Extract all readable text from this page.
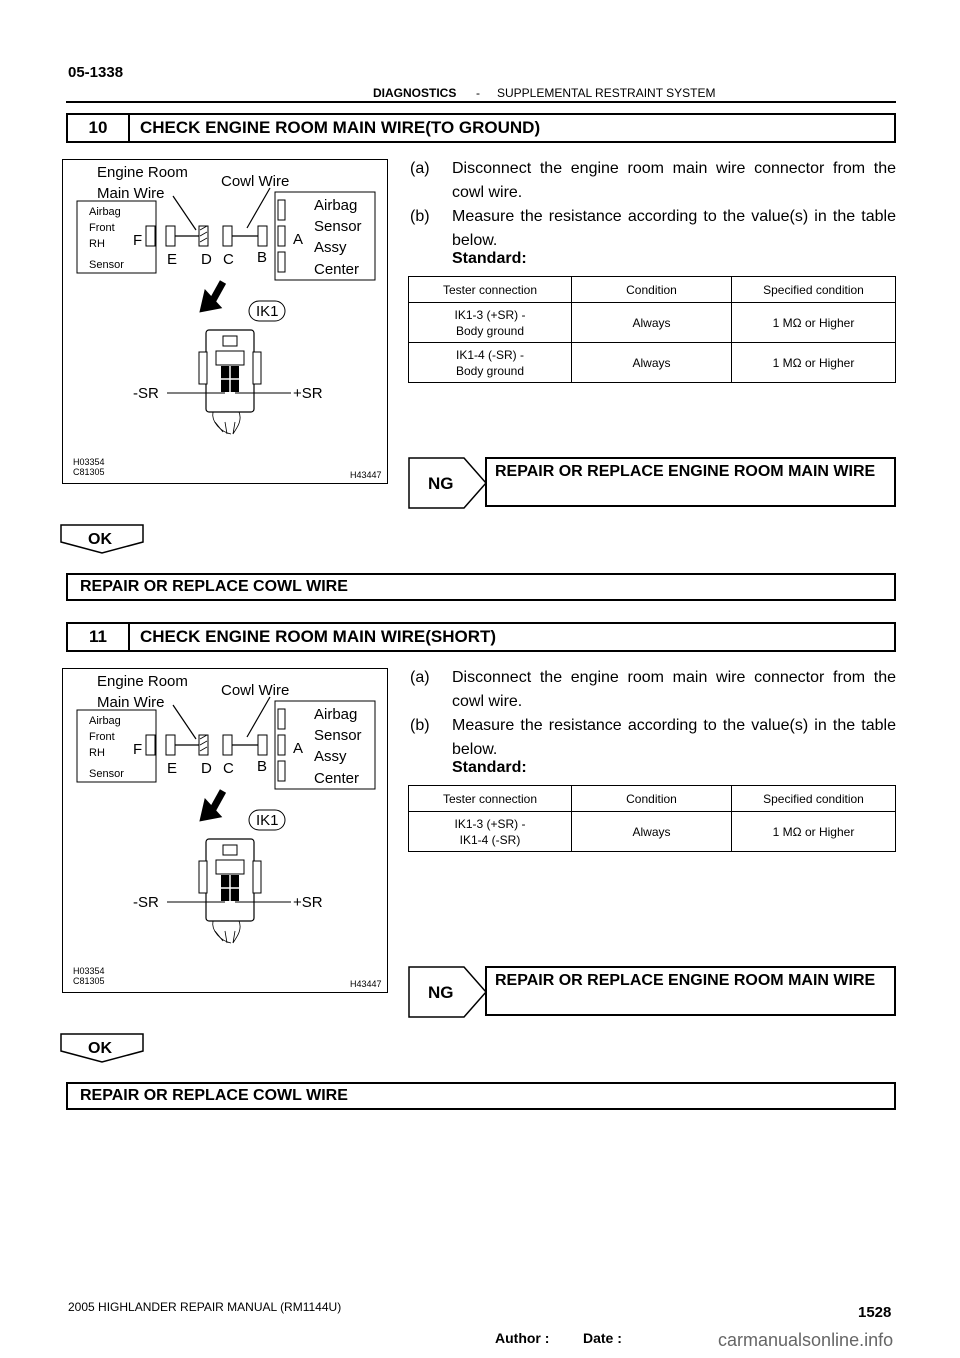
05-1338
DIAGNOSTICS - SUPPLEMENTAL RESTRAINT SYSTEM
10	CHECK ENGINE ROOM MAIN WIRE(TO GROUND)
Engine Room
Main Wire
Cowl Wire
Airbag
Front
RH
Sensor
F
E D C B
A
Airbag
Sensor
Assy
Center
IK1
-SR	+SR
H03354
C81305	H43447
(a) Disconnect the engine room main wire connector from the cowl wire.
(b) Measure the resistance according to the value(s) in the table below.
Standard:
Tester connection	Condition	Specified condition

IK1-3 (+SR) -
Body ground	Always	1 MΩ or Higher

IK1-4 (-SR) -
Body ground	Always	1 MΩ or Higher
NG
REPAIR OR REPLACE ENGINE ROOM MAIN WIRE
OK
REPAIR OR REPLACE COWL WIRE
11	CHECK ENGINE ROOM MAIN WIRE(SHORT)
Engine Room
Main Wire
Cowl Wire
Airbag
Front
RH
Sensor
F
E D C B
A
Airbag
Sensor
Assy
Center
IK1
-SR	+SR
H03354
C81305	H43447
(a) Disconnect the engine room main wire connector from the cowl wire.
(b) Measure the resistance according to the value(s) in the table below.
Standard:
Tester connection	Condition	Specified condition

IK1-3 (+SR) -
IK1-4 (-SR)	Always	1 MΩ or Higher
NG
REPAIR OR REPLACE ENGINE ROOM MAIN WIRE
OK
REPAIR OR REPLACE COWL WIRE
2005 HIGHLANDER REPAIR MANUAL (RM1144U)	1528
Author : Date :	carmanualsonline.info
